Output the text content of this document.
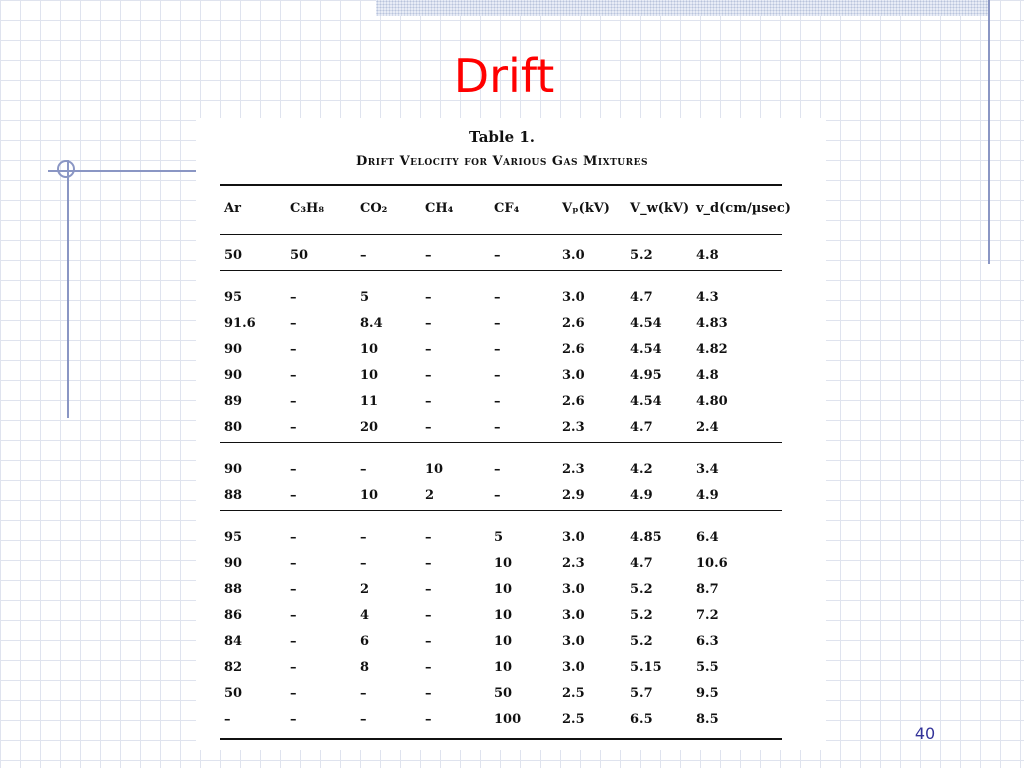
Drift
Table 1.
Drift Velocity for Various Gas Mixtures
Ar	C₃H₈	CO₂	CH₄	CF₄	Vₚ(kV) V_w(kV) v_d(cm/µsec)
50	50	–	–	–	3.0	5.2	4.8
95	–	5	–	–	3.0	4.7	4.3
91.6	–	8.4	–	–	2.6	4.54	4.83
90	–	10	–	–	2.6	4.54	4.82
90	–	10	–	–	3.0	4.95	4.8
89	–	11	–	–	2.6	4.54	4.80
80	–	20	–	–	2.3	4.7	2.4
90	–	–	10	–	2.3	4.2	3.4
88	–	10	2	–	2.9	4.9	4.9
95	–	–	–	5	3.0	4.85	6.4
90	–	–	–	10	2.3	4.7	10.6
88	–	2	–	10	3.0	5.2	8.7
86	–	4	–	10	3.0	5.2	7.2
84	–	6	–	10	3.0	5.2	6.3
82	–	8	–	10	3.0	5.15	5.5
50	–	–	–	50	2.5	5.7	9.5
–	–	–	–	100	2.5	6.5	8.5
40
